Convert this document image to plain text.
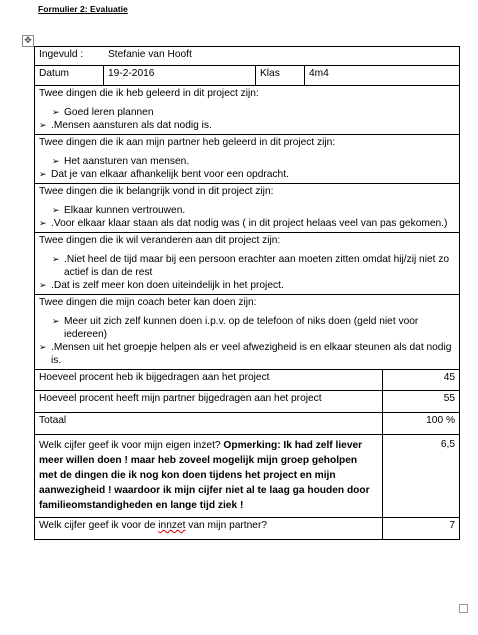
Formulier 2: Evaluatie
✥
Ingevuld : Stefanie van Hooft				
Datum	19-2-2016	Klas	4m4	

Twee dingen die ik heb geleerd in dit project zijn:
➢ Goed leren plannen
➢ .Mensen aansturen als dat nodig is.				

Twee dingen die ik aan mijn partner heb geleerd in dit project zijn:
➢ Het aansturen van mensen.
➢ Dat je van elkaar afhankelijk bent voor een opdracht.				

Twee dingen die ik belangrijk vond in dit project zijn:
➢ Elkaar kunnen vertrouwen.
➢ .Voor elkaar klaar staan als dat nodig was ( in dit project helaas veel van pas gekomen.)				

Twee dingen die ik wil veranderen aan dit project zijn:
➢ .Niet heel de tijd maar bij een persoon erachter aan moeten zitten omdat hij/zij niet zo actief is dan de rest
➢ .Dat is zelf meer kon doen uiteindelijk in het project.				

Twee dingen die mijn coach beter kan doen zijn:
➢ Meer uit zich zelf kunnen doen i.p.v. op de telefoon of niks doen (geld niet voor iedereen)
➢ .Mensen uit het groepje helpen als er veel afwezigheid is en elkaar steunen als dat nodig is.				

Hoeveel procent heb ik bijgedragen aan het project				45
Hoeveel procent heeft mijn partner bijgedragen aan het project				55
Totaal				100 %
Welk cijfer geef ik voor mijn eigen inzet? Opmerking: Ik had zelf liever meer willen doen ! maar heb zoveel mogelijk mijn groep geholpen met de dingen die ik nog kon doen tijdens het project en mijn aanwezigheid ! waardoor ik mijn cijfer niet al te laag ga houden door familieomstandigheden en lange tijd ziek !				6,5
Welk cijfer geef ik voor de innzet van mijn partner?				7
